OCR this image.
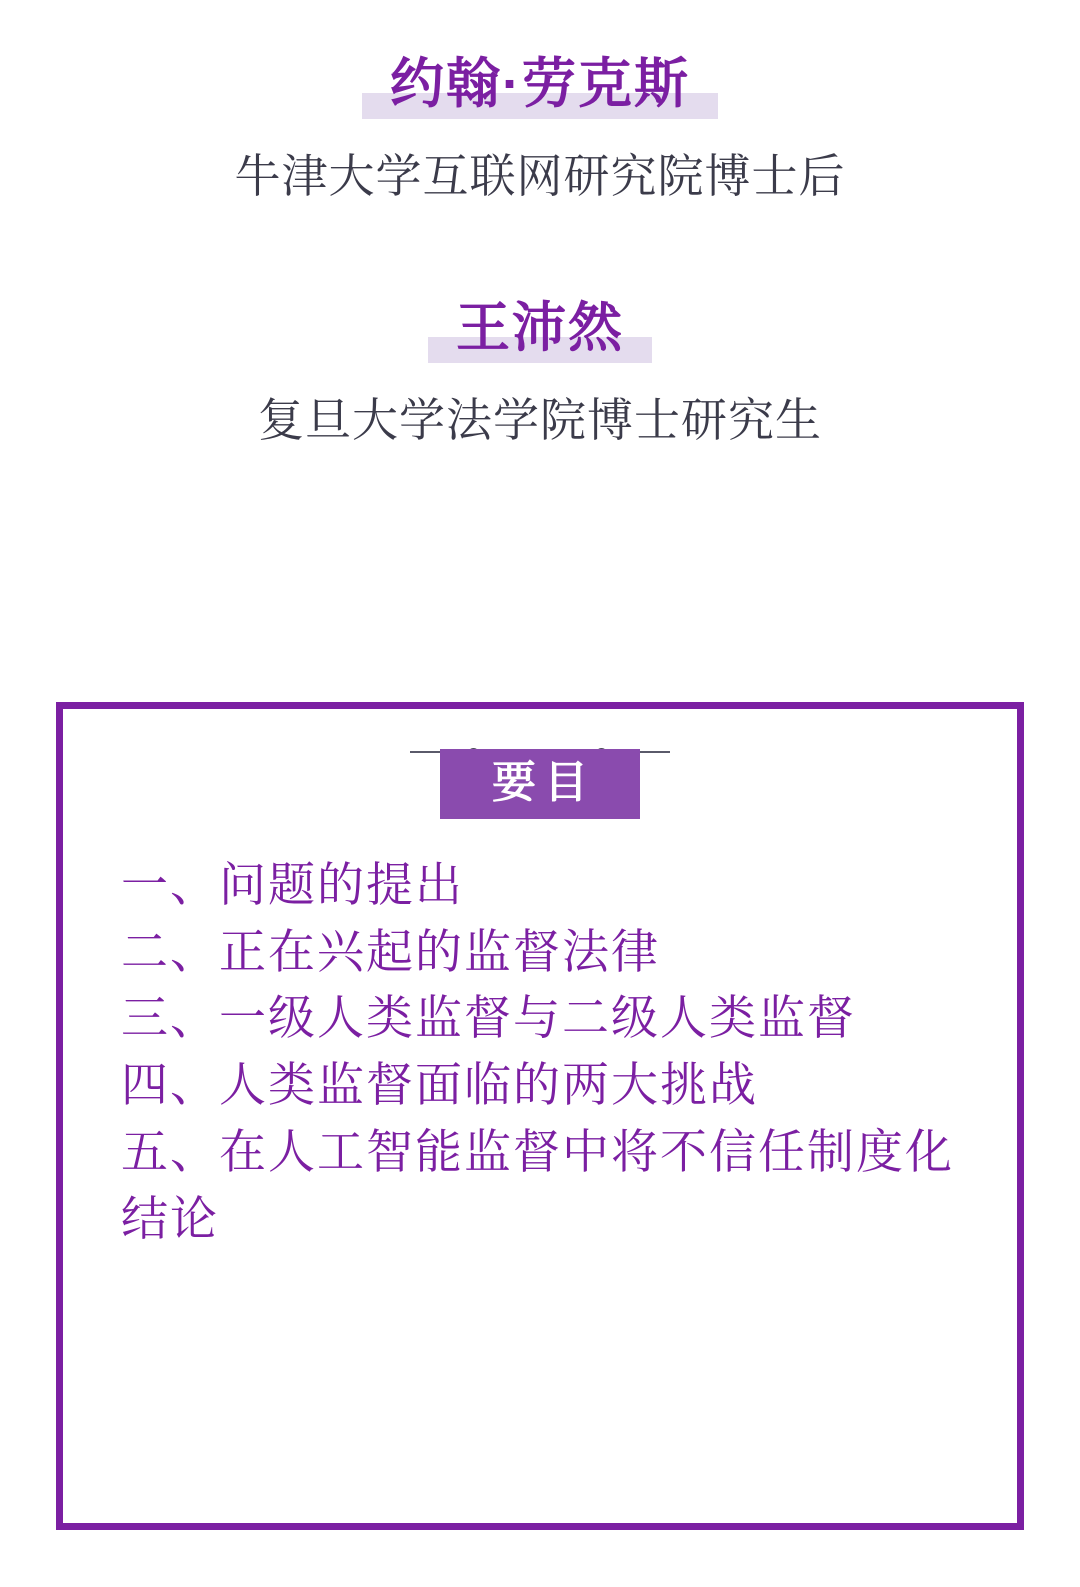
约翰·劳克斯
牛津大学互联网研究院博士后
王沛然
复旦大学法学院博士研究生
要目
一、问题的提出
二、正在兴起的监督法律
三、一级人类监督与二级人类监督
四、人类监督面临的两大挑战
五、在人工智能监督中将不信任制度化
结论
